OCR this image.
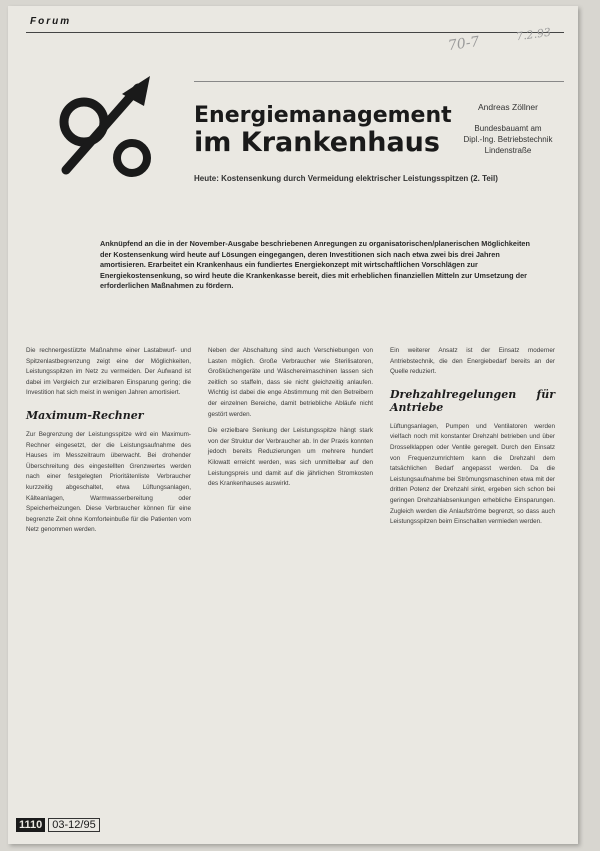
Forum
70-7	7.2.93
Energiemanagement
im Krankenhaus
Andreas Zöllner
Bundesbauamt am
Dipl.-Ing. Betriebstechnik
Lindenstraße
Heute: Kostensenkung durch Vermeidung elektrischer Leistungsspitzen (2. Teil)
Anknüpfend an die in der November-Ausgabe beschriebenen Anregungen zu organisatorischen/planerischen Möglichkeiten der Kostensenkung wird heute auf Lösungen eingegangen, deren Investitionen sich nach etwa zwei bis drei Jahren amortisieren. Erarbeitet ein Krankenhaus ein fundiertes Energiekonzept mit wirtschaftlichen Vorschlägen zur Energiekostensenkung, so wird heute die Krankenkasse bereit, dies mit erheblichen finanziellen Mitteln zur Umsetzung der erforderlichen Maßnahmen zu fördern.

Die rechnergestützte Maßnahme einer Lastabwurf- und Spitzenlastbegrenzung zeigt eine der Möglichkeiten, Leistungsspitzen im Netz zu vermeiden. Der Aufwand ist dabei im Vergleich zur erzielbaren Einsparung gering; die Investition hat sich meist in wenigen Jahren amortisiert.

Maximum-Rechner

Zur Begrenzung der Leistungsspitze wird ein Maximum-Rechner eingesetzt, der die Leistungsaufnahme des Hauses im Messzeitraum überwacht. Bei drohender Überschreitung des eingestellten Grenzwertes werden nach einer festgelegten Prioritätenliste Verbraucher kurzzeitig abgeschaltet, etwa Lüftungsanlagen, Kälteanlagen, Warmwasserbereitung oder Speicherheizungen. Diese Verbraucher können für eine begrenzte Zeit ohne Komforteinbuße für die Patienten vom Netz genommen werden.

Neben der Abschaltung sind auch Verschiebungen von Lasten möglich. Große Verbraucher wie Sterilisatoren, Großküchengeräte und Wäschereimaschinen lassen sich zeitlich so staffeln, dass sie nicht gleichzeitig anlaufen. Wichtig ist dabei die enge Abstimmung mit den Betreibern der einzelnen Bereiche, damit betriebliche Abläufe nicht gestört werden.

Die erzielbare Senkung der Leistungsspitze hängt stark von der Struktur der Verbraucher ab. In der Praxis konnten jedoch bereits Reduzierungen um mehrere hundert Kilowatt erreicht werden, was sich unmittelbar auf den Leistungspreis und damit auf die jährlichen Stromkosten des Krankenhauses auswirkt.

Ein weiterer Ansatz ist der Einsatz moderner Antriebstechnik, die den Energiebedarf bereits an der Quelle reduziert.

Drehzahlregelungen für Antriebe

Lüftungsanlagen, Pumpen und Ventilatoren werden vielfach noch mit konstanter Drehzahl betrieben und über Drosselklappen oder Ventile geregelt. Durch den Einsatz von Frequenzumrichtern kann die Drehzahl dem tatsächlichen Bedarf angepasst werden. Da die Leistungsaufnahme bei Strömungsmaschinen etwa mit der dritten Potenz der Drehzahl sinkt, ergeben sich schon bei geringen Drehzahlabsenkungen erhebliche Einsparungen. Zugleich werden die Anlaufströme begrenzt, so dass auch Leistungsspitzen beim Einschalten vermieden werden.

1110 03-12/95
